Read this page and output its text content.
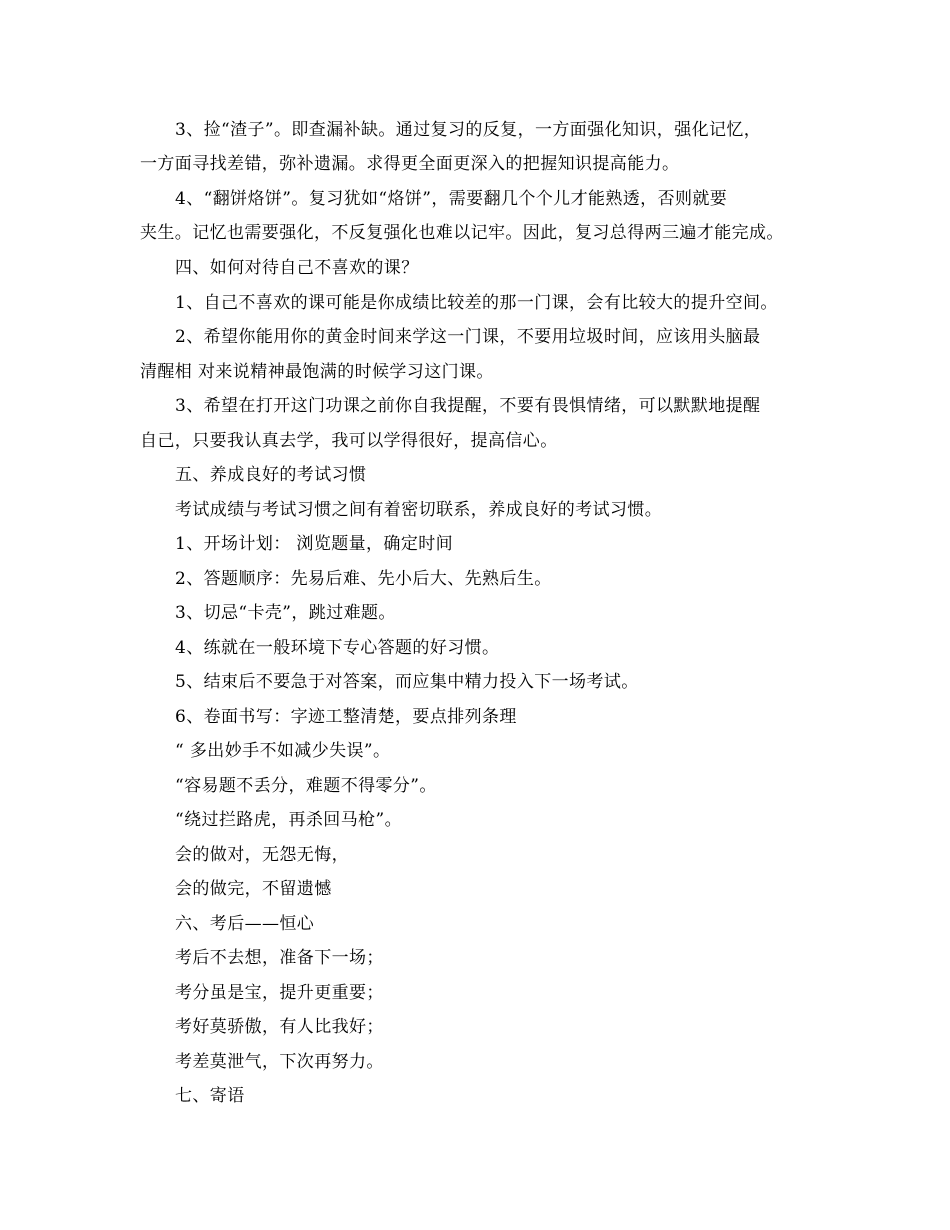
3、捡“渣子”。即查漏补缺。通过复习的反复，一方面强化知识，强化记忆，
一方面寻找差错，弥补遗漏。求得更全面更深入的把握知识提高能力。
4、“翻饼烙饼”。复习犹如“烙饼”，需要翻几个个儿才能熟透，否则就要
夹生。记忆也需要强化，不反复强化也难以记牢。因此，复习总得两三遍才能完成。
四、如何对待自己不喜欢的课？
1、自己不喜欢的课可能是你成绩比较差的那一门课，会有比较大的提升空间。
2、希望你能用你的黄金时间来学这一门课，不要用垃圾时间，应该用头脑最
清醒相 对来说精神最饱满的时候学习这门课。
3、希望在打开这门功课之前你自我提醒，不要有畏惧情绪，可以默默地提醒
自己，只要我认真去学，我可以学得很好，提高信心。
五、养成良好的考试习惯
考试成绩与考试习惯之间有着密切联系，养成良好的考试习惯。
1、开场计划： 浏览题量，确定时间
2、答题顺序：先易后难、先小后大、先熟后生。
3、切忌“卡壳”，跳过难题。
4、练就在一般环境下专心答题的好习惯。
5、结束后不要急于对答案，而应集中精力投入下一场考试。
6、卷面书写：字迹工整清楚，要点排列条理
“ 多出妙手不如减少失误”。
“容易题不丢分，难题不得零分”。
“绕过拦路虎，再杀回马枪”。
会的做对，无怨无悔，
会的做完，不留遗憾
六、考后——恒心
考后不去想，准备下一场；
考分虽是宝，提升更重要；
考好莫骄傲，有人比我好；
考差莫泄气，下次再努力。
七、寄语
